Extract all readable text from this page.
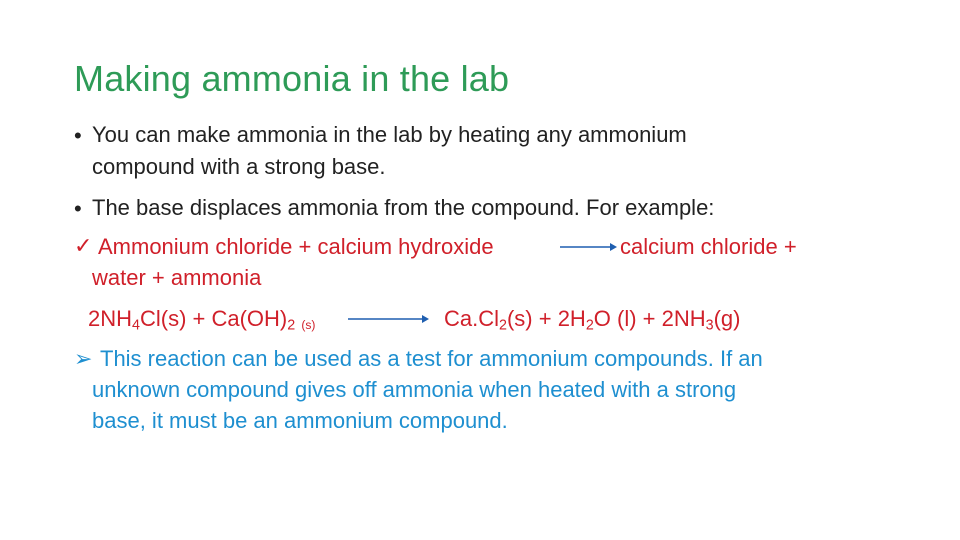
Making ammonia in the lab
• You can make ammonia in the lab by heating any ammonium
compound with a strong base.
• The base displaces ammonia from the compound. For example:
✓ Ammonium chloride + calcium hydroxide	calcium chloride +
water + ammonia
$2NH_4Cl(s) + Ca(OH)_2$ $_{(s)}$	$Ca.Cl_2(s) + 2H_2O$ $(l) + 2NH_3(g)$
➢ This reaction can be used as a test for ammonium compounds. If an
unknown compound gives off ammonia when heated with a strong
base, it must be an ammonium compound.
